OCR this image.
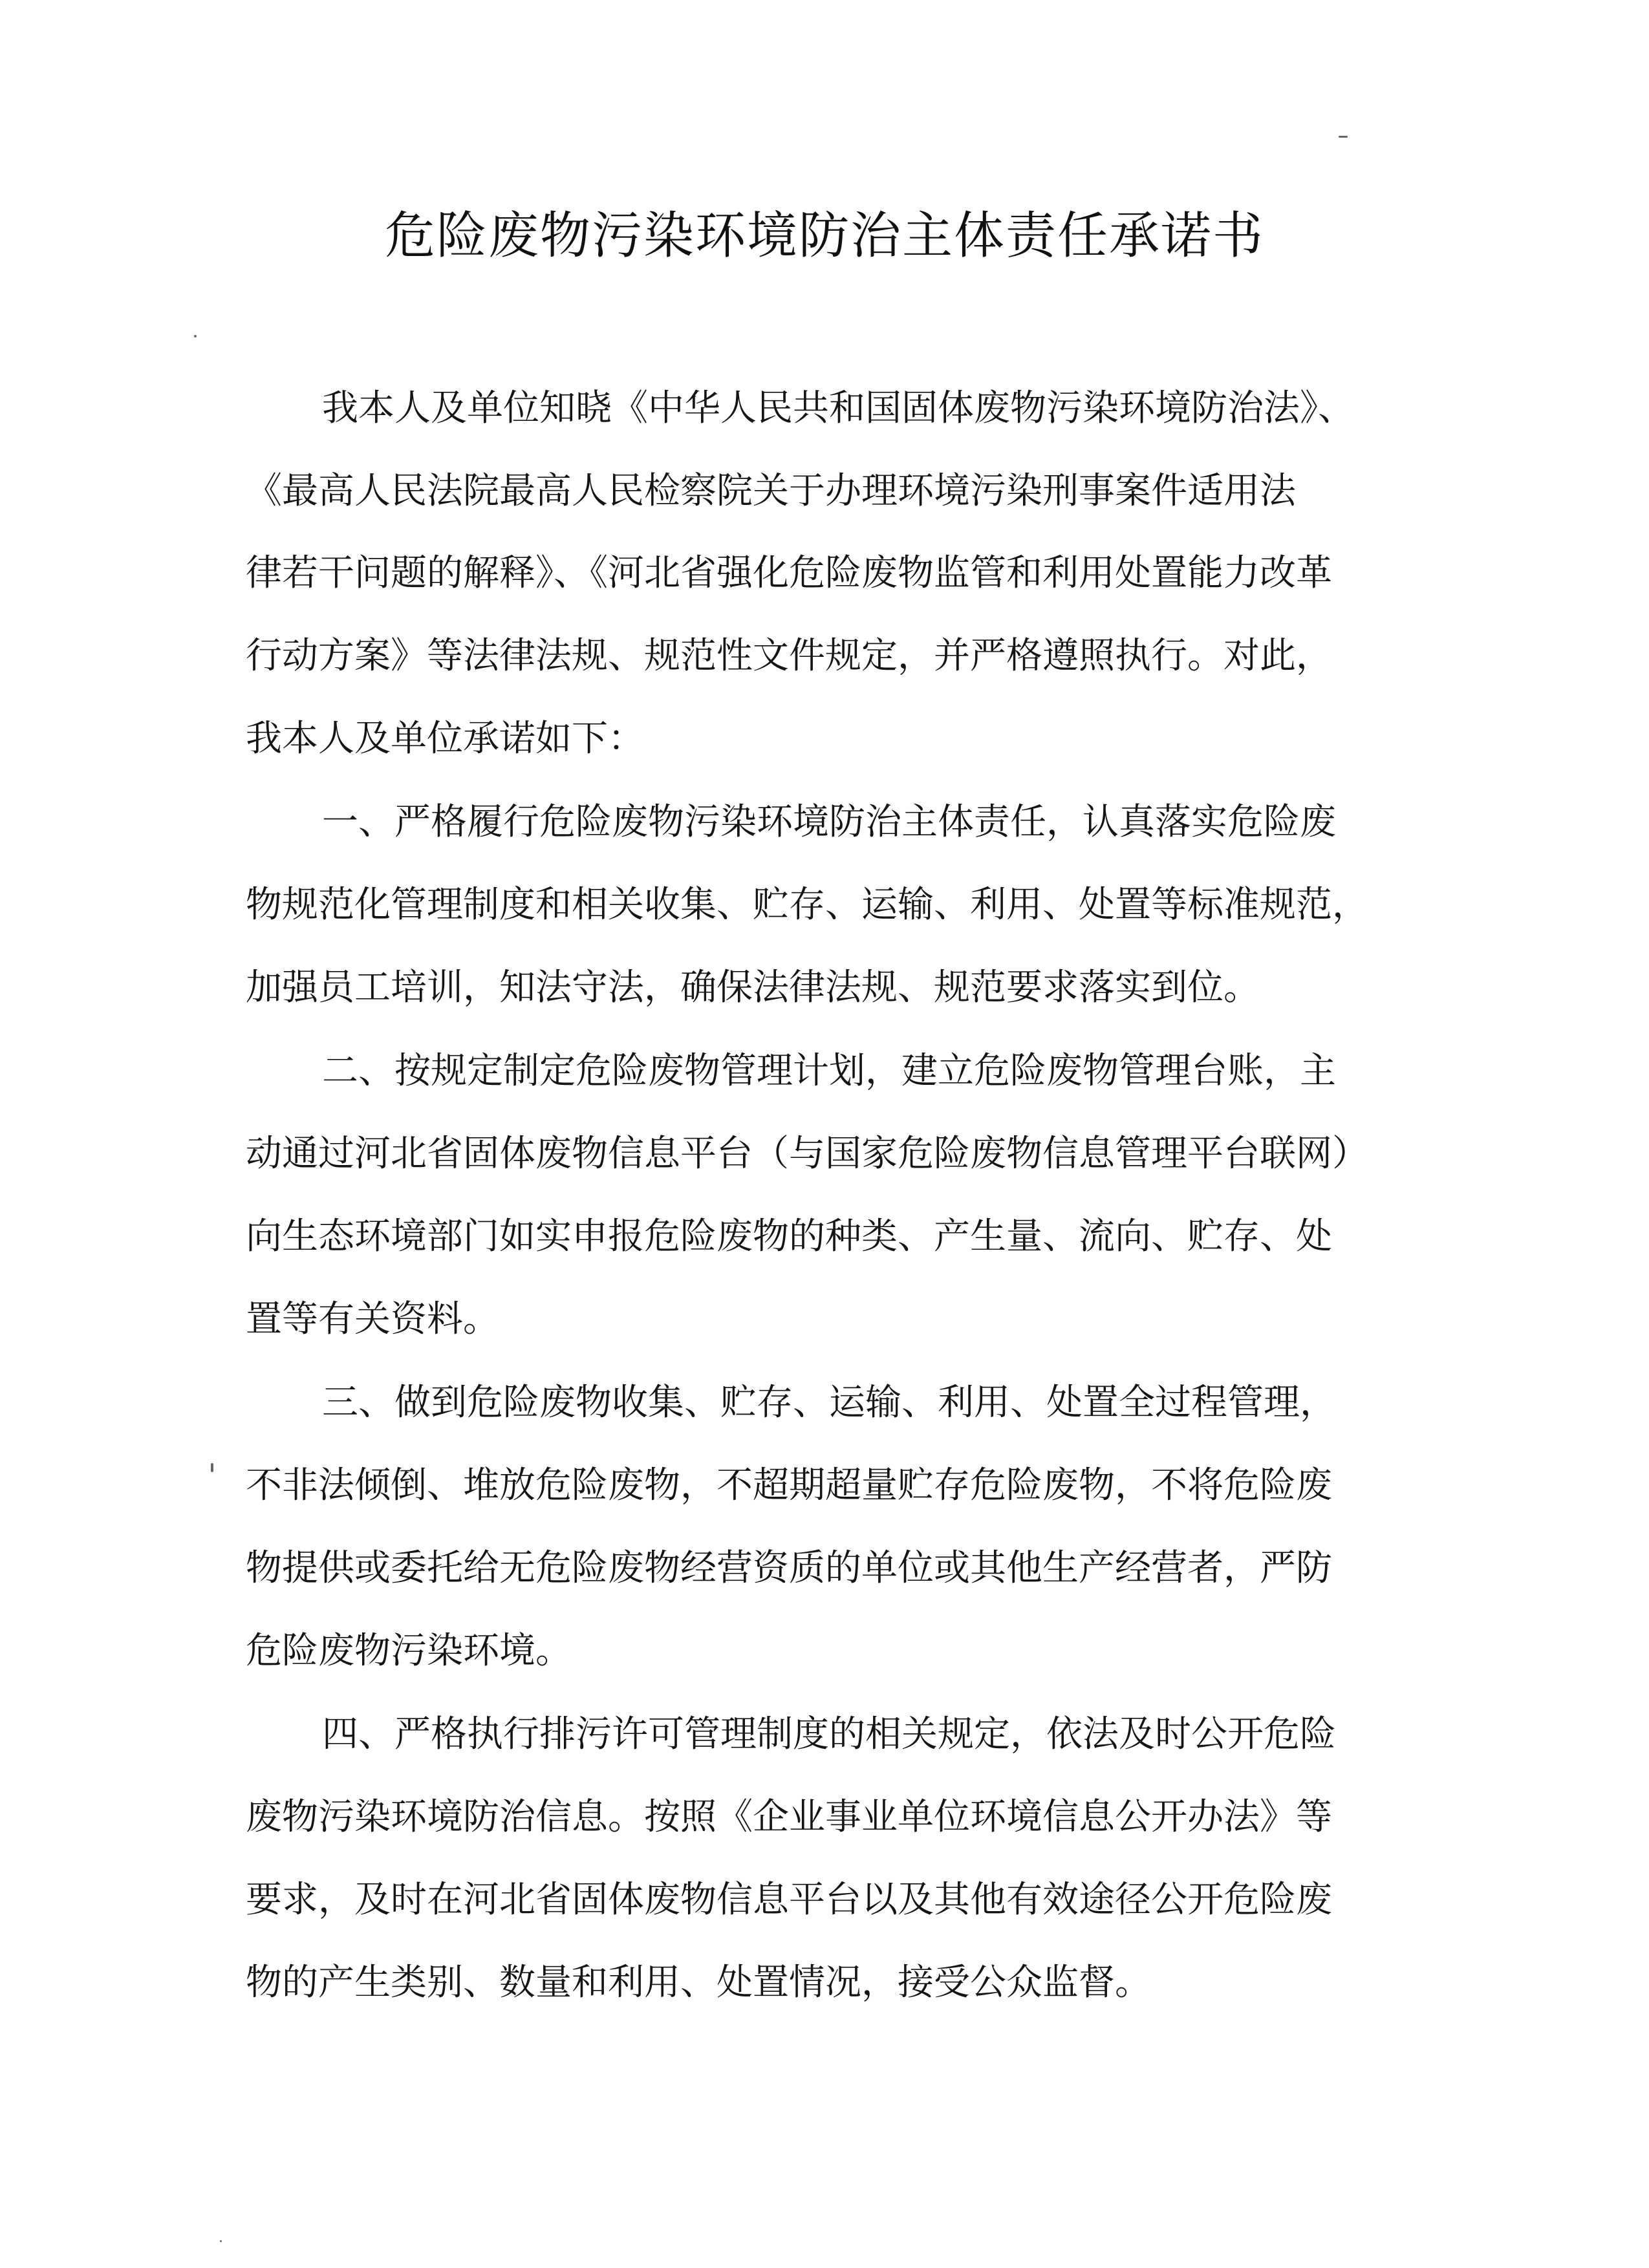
危险废物污染环境防治主体责任承诺书
我本人及单位知晓《中华人民共和国固体废物污染环境防治法》、
《最高人民法院最高人民检察院关于办理环境污染刑事案件适用法
律若干问题的解释》、《河北省强化危险废物监管和利用处置能力改革
行动方案》等法律法规、规范性文件规定，并严格遵照执行。对此，
我本人及单位承诺如下：
一、严格履行危险废物污染环境防治主体责任，认真落实危险废
物规范化管理制度和相关收集、贮存、运输、利用、处置等标准规范，
加强员工培训，知法守法，确保法律法规、规范要求落实到位。
二、按规定制定危险废物管理计划，建立危险废物管理台账，主
动通过河北省固体废物信息平台（与国家危险废物信息管理平台联网）
向生态环境部门如实申报危险废物的种类、产生量、流向、贮存、处
置等有关资料。
三、做到危险废物收集、贮存、运输、利用、处置全过程管理，
不非法倾倒、堆放危险废物，不超期超量贮存危险废物，不将危险废
物提供或委托给无危险废物经营资质的单位或其他生产经营者，严防
危险废物污染环境。
四、严格执行排污许可管理制度的相关规定，依法及时公开危险
废物污染环境防治信息。按照《企业事业单位环境信息公开办法》等
要求，及时在河北省固体废物信息平台以及其他有效途径公开危险废
物的产生类别、数量和利用、处置情况，接受公众监督。
